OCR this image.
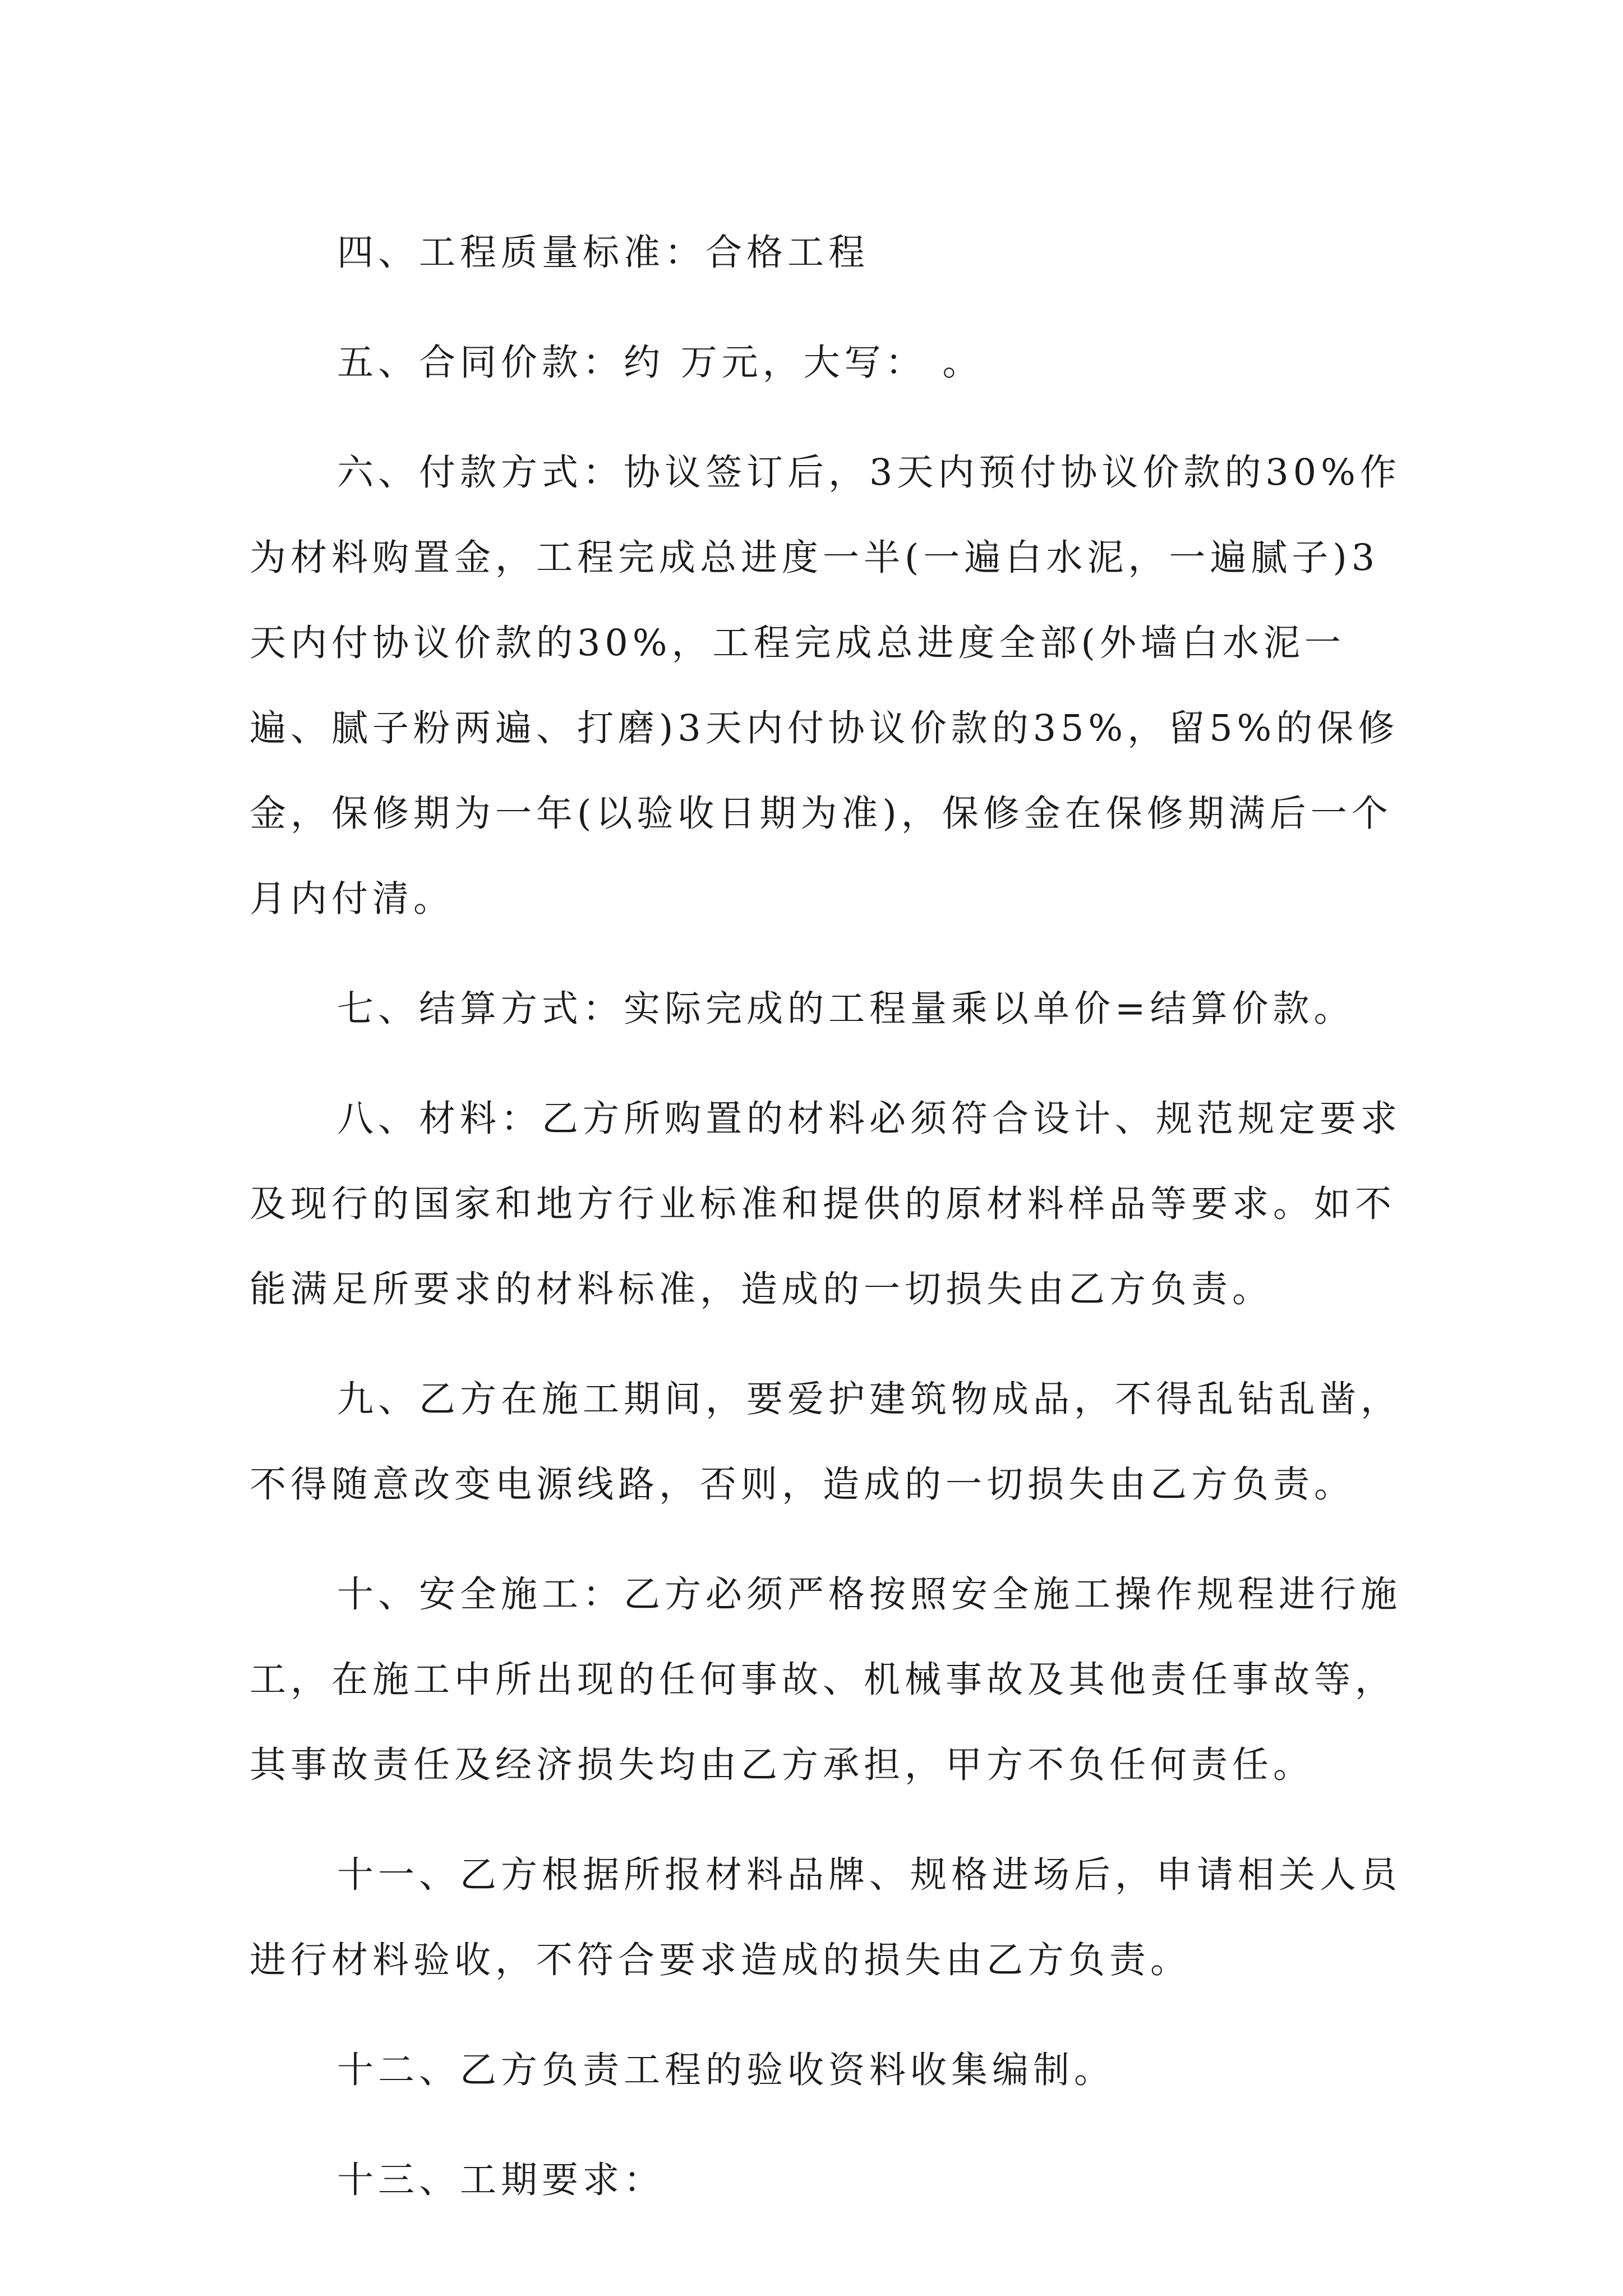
四、工程质量标准：合格工程

五、合同价款：约 万元，大写： 。

六、付款方式：协议签订后，3天内预付协议价款的30%作为材料购置金，工程完成总进度一半(一遍白水泥，一遍腻子)3天内付协议价款的30%，工程完成总进度全部(外墙白水泥一遍、腻子粉两遍、打磨)3天内付协议价款的35%，留5%的保修金，保修期为一年(以验收日期为准)，保修金在保修期满后一个月内付清。

七、结算方式：实际完成的工程量乘以单价=结算价款。

八、材料：乙方所购置的材料必须符合设计、规范规定要求及现行的国家和地方行业标准和提供的原材料样品等要求。如不能满足所要求的材料标准，造成的一切损失由乙方负责。

九、乙方在施工期间，要爱护建筑物成品，不得乱钻乱凿，不得随意改变电源线路，否则，造成的一切损失由乙方负责。

十、安全施工：乙方必须严格按照安全施工操作规程进行施工，在施工中所出现的任何事故、机械事故及其他责任事故等，其事故责任及经济损失均由乙方承担，甲方不负任何责任。

十一、乙方根据所报材料品牌、规格进场后，申请相关人员进行材料验收，不符合要求造成的损失由乙方负责。

十二、乙方负责工程的验收资料收集编制。

十三、工期要求：
